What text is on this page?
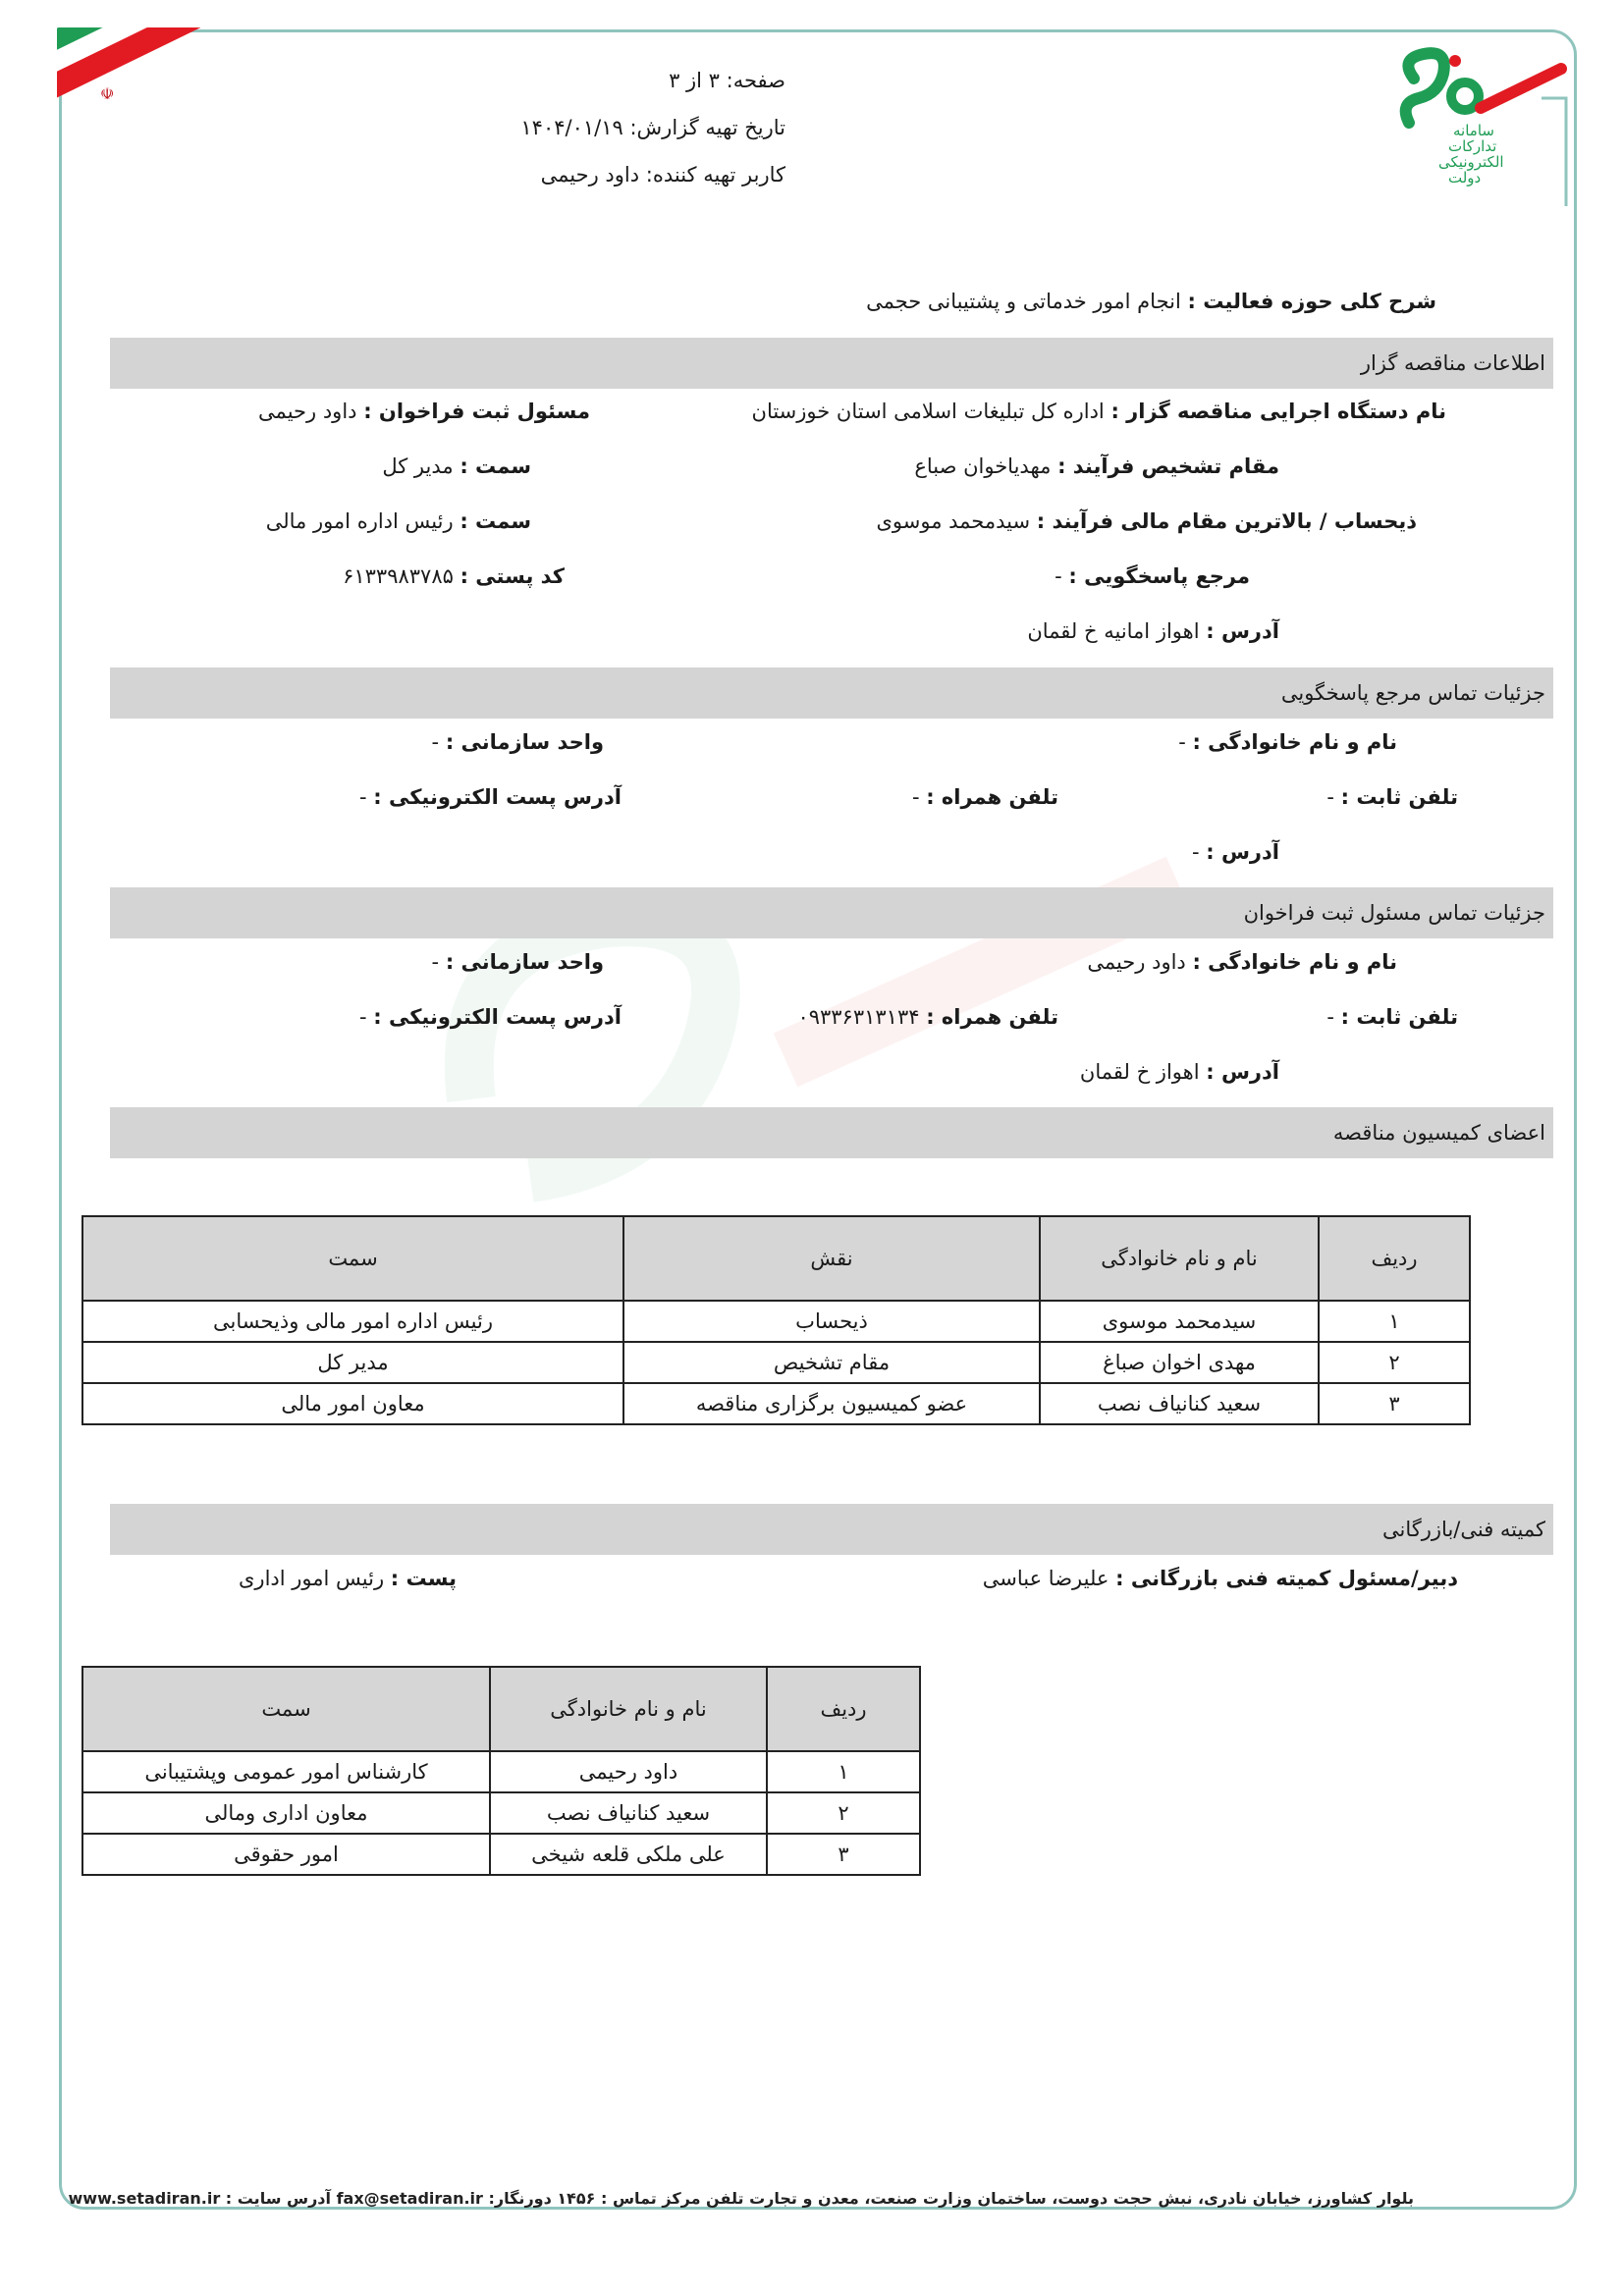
☫
سامانه
تدارکات
الکترونیکی
دولت
صفحه: ۳ از ۳
تاریخ تهیه گزارش: ۱۴۰۴/۰۱/۱۹
کاربر تهیه کننده: داود رحیمی
شرح کلی حوزه فعالیت : انجام امور خدماتی و پشتیبانی حجمی
اطلاعات مناقصه گزار
نام دستگاه اجرایی مناقصه گزار : اداره کل تبلیغات اسلامی استان خوزستان
مسئول ثبت فراخوان : داود رحیمی
مقام تشخیص فرآیند : مهدیاخوان صباع
سمت : مدیر کل
ذیحساب / بالاترین مقام مالی فرآیند : سیدمحمد موسوی
سمت : رئیس اداره امور مالی
مرجع پاسخگویی : -
کد پستی : ۶۱۳۳۹۸۳۷۸۵
آدرس : اهواز امانیه خ لقمان
جزئیات تماس مرجع پاسخگویی
نام و نام خانوادگی : -
واحد سازمانی : -
تلفن ثابت : -
تلفن همراه : -
آدرس پست الکترونیکی : -
آدرس : -
جزئیات تماس مسئول ثبت فراخوان
نام و نام خانوادگی : داود رحیمی
واحد سازمانی : -
تلفن ثابت : -
تلفن همراه : ۰۹۳۳۶۳۱۳۱۳۴
آدرس پست الکترونیکی : -
آدرس : اهواز خ لقمان
اعضای کمیسیون مناقصه
ردیف	نام و نام خانوادگی	نقش	سمت
۱	سیدمحمد موسوی	ذیحساب	رئیس اداره امور مالی وذیحسابی
۲	مهدی اخوان صباغ	مقام تشخیص	مدیر کل
۳	سعید کنانیاف نصب	عضو کمیسیون برگزاری مناقصه	معاون امور مالی
کمیته فنی/بازرگانی
دبیر/مسئول کمیته فنی بازرگانی : علیرضا عباسی
پست : رئیس امور اداری
ردیف	نام و نام خانوادگی	سمت
۱	داود رحیمی	کارشناس امور عمومی وپشتیبانی
۲	سعید کنانیاف نصب	معاون اداری ومالی
۳	علی ملکی قلعه شیخی	امور حقوقی
بلوار کشاورز، خیابان نادری، نبش حجت دوست، ساختمان وزارت صنعت، معدن و تجارت تلفن مرکز تماس : ۱۴۵۶ دورنگار: fax@setadiran.ir آدرس سایت : www.setadiran.ir
